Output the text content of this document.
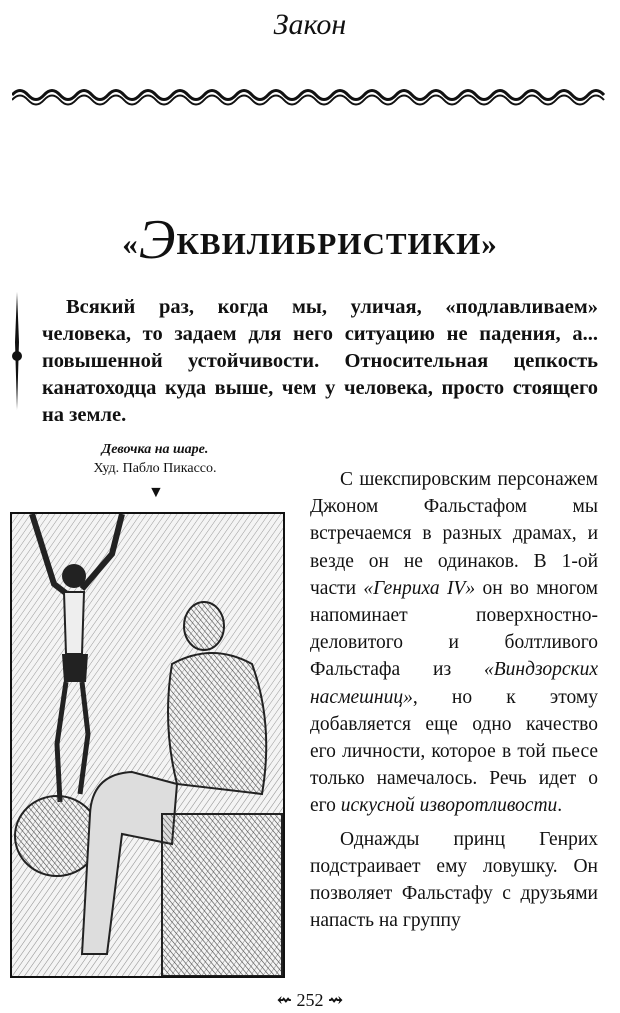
Закон
«ЭКВИЛИБРИСТИКИ»
Всякий раз, когда мы, уличая, «подлавливаем» человека, то задаем для него ситуацию не падения, а... повышенной устойчивости. Относительная цепкость канатоходца куда выше, чем у человека, просто стоящего на земле.
Девочка на шаре.
Худ. Пабло Пикассо.
▼

С шекспировским персонажем Джоном Фальстафом мы встречаемся в разных драмах, и везде он не одинаков. В 1-ой части «Генриха IV» он во многом напоминает поверхностно-деловитого и болтливого Фальстафа из «Виндзорских насмешниц», но к этому добавляется еще одно качество его личности, которое в той пьесе только намечалось. Речь идет о его искусной изворотливости.

Однажды принц Генрих подстраивает ему ловушку. Он позволяет Фальстафу с друзьями напасть на группу

⇜ 252 ⇝
